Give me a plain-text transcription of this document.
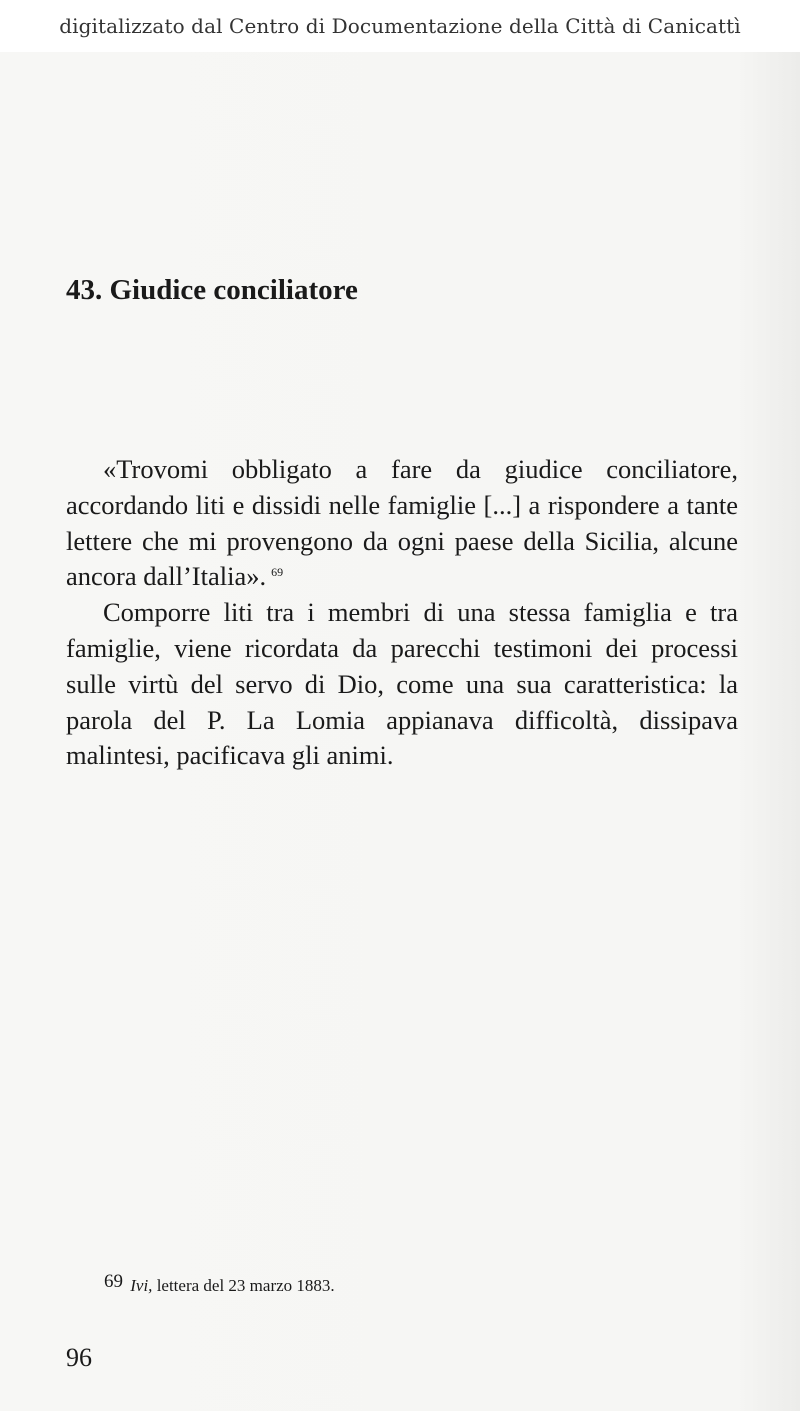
digitalizzato dal Centro di Documentazione della Città di Canicattì
43. Giudice conciliatore

«Trovomi obbligato a fare da giudice conciliatore, accordando liti e dissidi nelle famiglie [...] a rispondere a tante lettere che mi provengono da ogni paese della Sicilia, alcune ancora dall’Italia». $^{69}$

Comporre liti tra i membri di una stessa famiglia e tra famiglie, viene ricordata da parecchi testimoni dei processi sulle virtù del servo di Dio, come una sua caratteristica: la parola del P. La Lomia appianava difficoltà, dissipava malintesi, pacificava gli animi.

69 Ivi, lettera del 23 marzo 1883.
96
